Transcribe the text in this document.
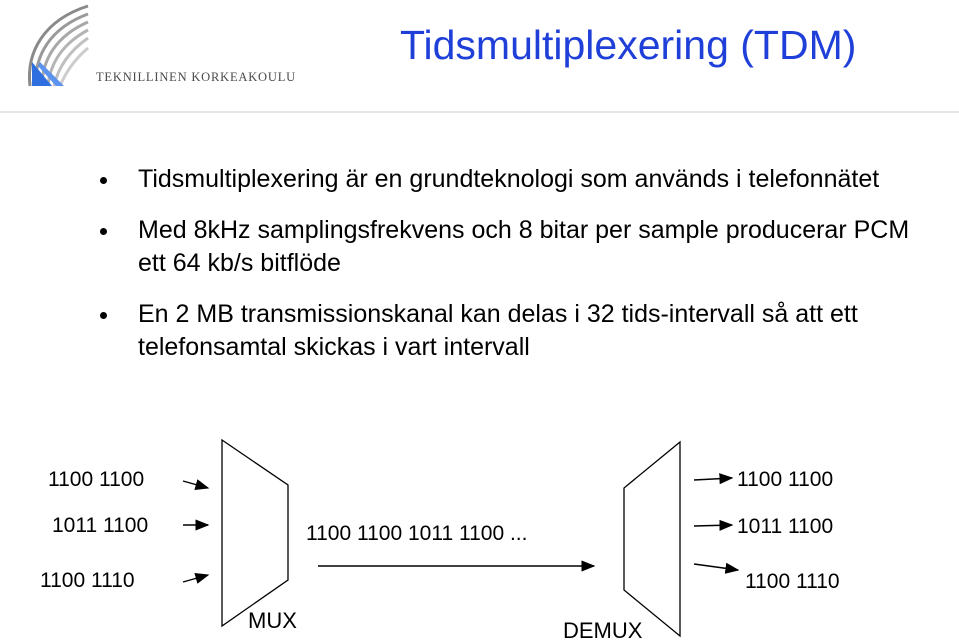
TEKNILLINEN KORKEAKOULU
Tidsmultiplexering (TDM)
Tidsmultiplexering är en grundteknologi som används i telefonnätet
Med 8kHz samplingsfrekvens och 8 bitar per sample producerar PCM ett 64 kb/s bitflöde
En 2 MB transmissionskanal kan delas i 32 tids-intervall så att ett telefonsamtal skickas i vart intervall
1100 1100
1011 1100
1100 1110
MUX
1100 1100 1011 1100 ...
DEMUX
1100 1100
1011 1100
1100 1110
